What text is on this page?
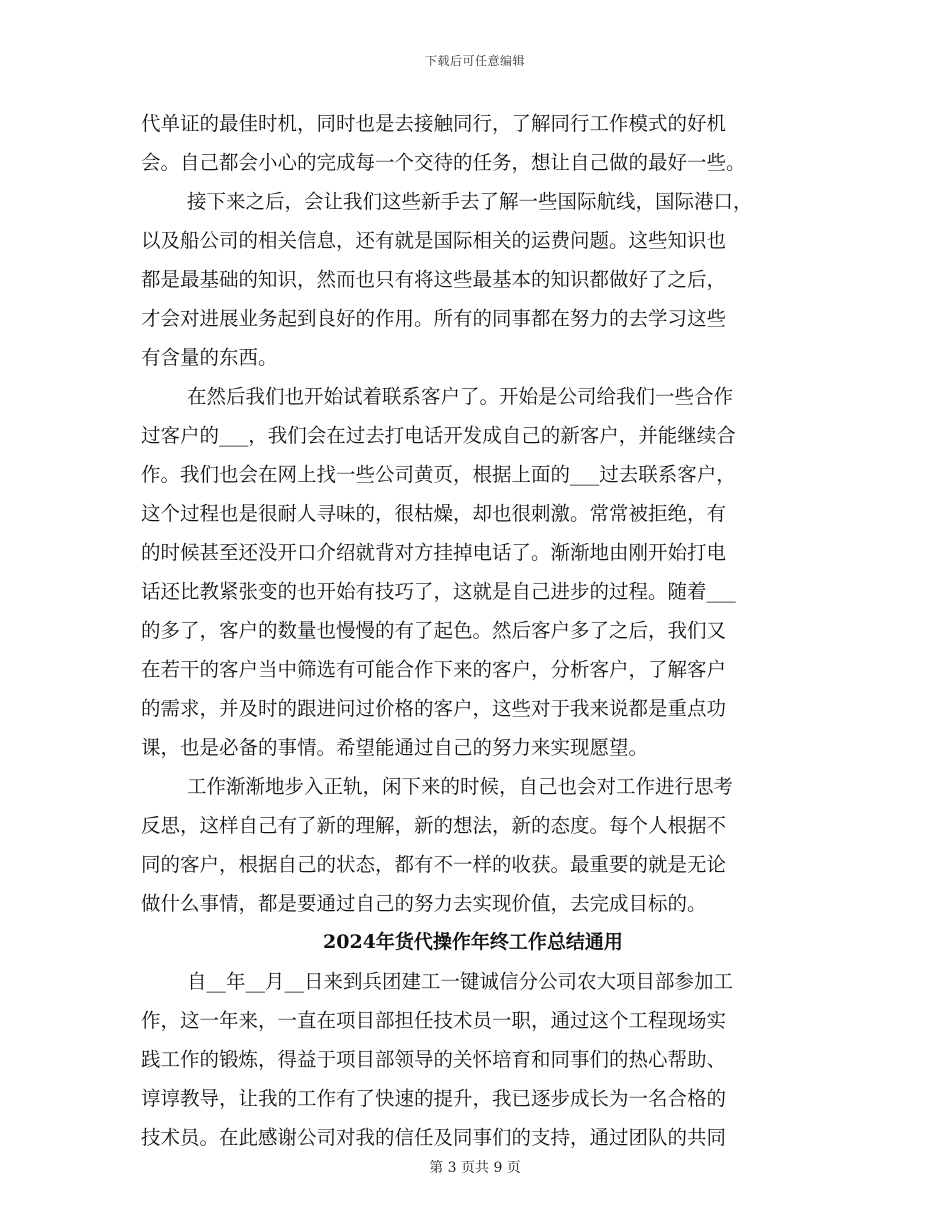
下载后可任意编辑
代单证的最佳时机，同时也是去接触同行，了解同行工作模式的好机
会。自己都会小心的完成每一个交待的任务，想让自己做的最好一些。
接下来之后，会让我们这些新手去了解一些国际航线，国际港口，
以及船公司的相关信息，还有就是国际相关的运费问题。这些知识也
都是最基础的知识，然而也只有将这些最基本的知识都做好了之后，
才会对进展业务起到良好的作用。所有的同事都在努力的去学习这些
有含量的东西。
在然后我们也开始试着联系客户了。开始是公司给我们一些合作
过客户的___，我们会在过去打电话开发成自己的新客户，并能继续合
作。我们也会在网上找一些公司黄页，根据上面的___过去联系客户，
这个过程也是很耐人寻味的，很枯燥，却也很刺激。常常被拒绝，有
的时候甚至还没开口介绍就背对方挂掉电话了。渐渐地由刚开始打电
话还比教紧张变的也开始有技巧了，这就是自己进步的过程。随着___
的多了，客户的数量也慢慢的有了起色。然后客户多了之后，我们又
在若干的客户当中筛选有可能合作下来的客户，分析客户，了解客户
的需求，并及时的跟进问过价格的客户，这些对于我来说都是重点功
课，也是必备的事情。希望能通过自己的努力来实现愿望。
工作渐渐地步入正轨，闲下来的时候，自己也会对工作进行思考
反思，这样自己有了新的理解，新的想法，新的态度。每个人根据不
同的客户，根据自己的状态，都有不一样的收获。最重要的就是无论
做什么事情，都是要通过自己的努力去实现价值，去完成目标的。
2024年货代操作年终工作总结通用
自__年__月__日来到兵团建工一键诚信分公司农大项目部参加工
作，这一年来，一直在项目部担任技术员一职，通过这个工程现场实
践工作的锻炼，得益于项目部领导的关怀培育和同事们的热心帮助、
谆谆教导，让我的工作有了快速的提升，我已逐步成长为一名合格的
技术员。在此感谢公司对我的信任及同事们的支持，通过团队的共同
第 3 页共 9 页
